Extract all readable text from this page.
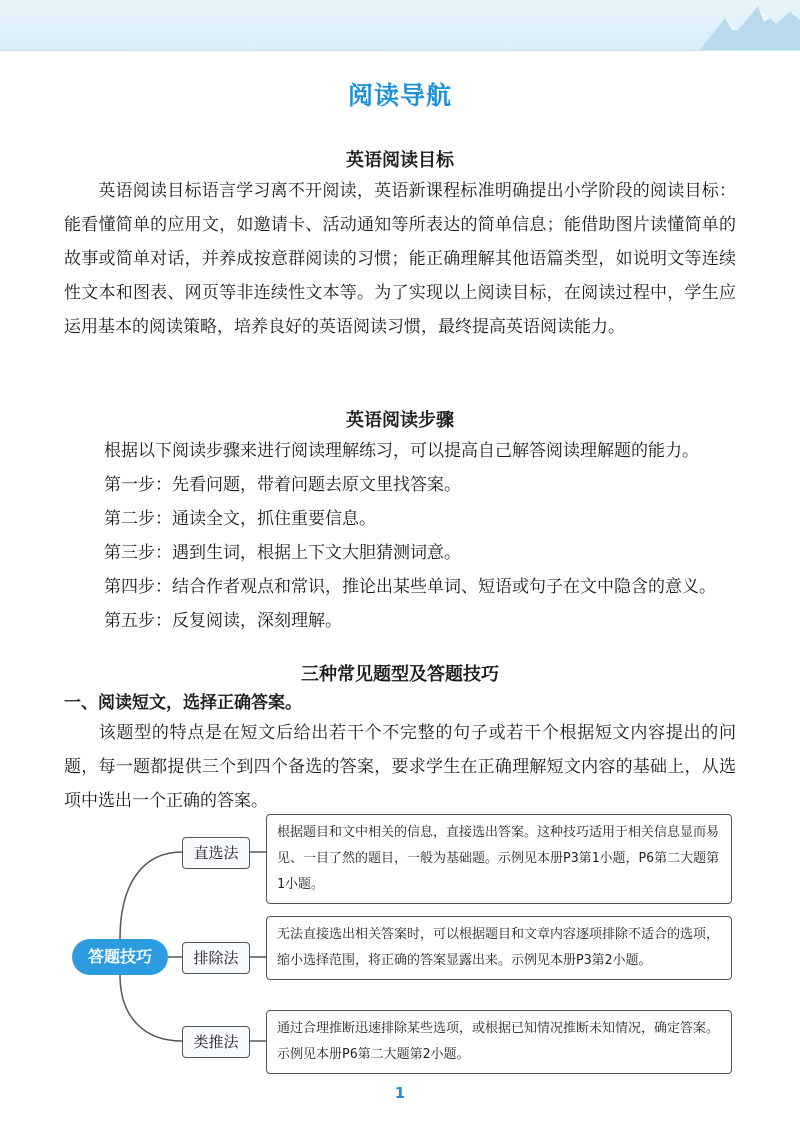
阅读导航
英语阅读目标
英语阅读目标语言学习离不开阅读，英语新课程标准明确提出小学阶段的阅读目标：能看懂简单的应用文，如邀请卡、活动通知等所表达的简单信息；能借助图片读懂简单的故事或简单对话，并养成按意群阅读的习惯；能正确理解其他语篇类型，如说明文等连续性文本和图表、网页等非连续性文本等。为了实现以上阅读目标，在阅读过程中，学生应运用基本的阅读策略，培养良好的英语阅读习惯，最终提高英语阅读能力。
英语阅读步骤
根据以下阅读步骤来进行阅读理解练习，可以提高自己解答阅读理解题的能力。
第一步：先看问题，带着问题去原文里找答案。
第二步：通读全文，抓住重要信息。
第三步：遇到生词，根据上下文大胆猜测词意。
第四步：结合作者观点和常识，推论出某些单词、短语或句子在文中隐含的意义。
第五步：反复阅读，深刻理解。
三种常见题型及答题技巧
一、阅读短文，选择正确答案。
该题型的特点是在短文后给出若干个不完整的句子或若干个根据短文内容提出的问题，每一题都提供三个到四个备选的答案，要求学生在正确理解短文内容的基础上，从选项中选出一个正确的答案。
答题技巧
直选法
排除法
类推法
根据题目和文中相关的信息，直接选出答案。这种技巧适用于相关信息显而易见、一目了然的题目，一般为基础题。示例见本册P3第1小题，P6第二大题第1小题。
无法直接选出相关答案时，可以根据题目和文章内容逐项排除不适合的选项，缩小选择范围，将正确的答案显露出来。示例见本册P3第2小题。
通过合理推断迅速排除某些选项，或根据已知情况推断未知情况，确定答案。示例见本册P6第二大题第2小题。
1
